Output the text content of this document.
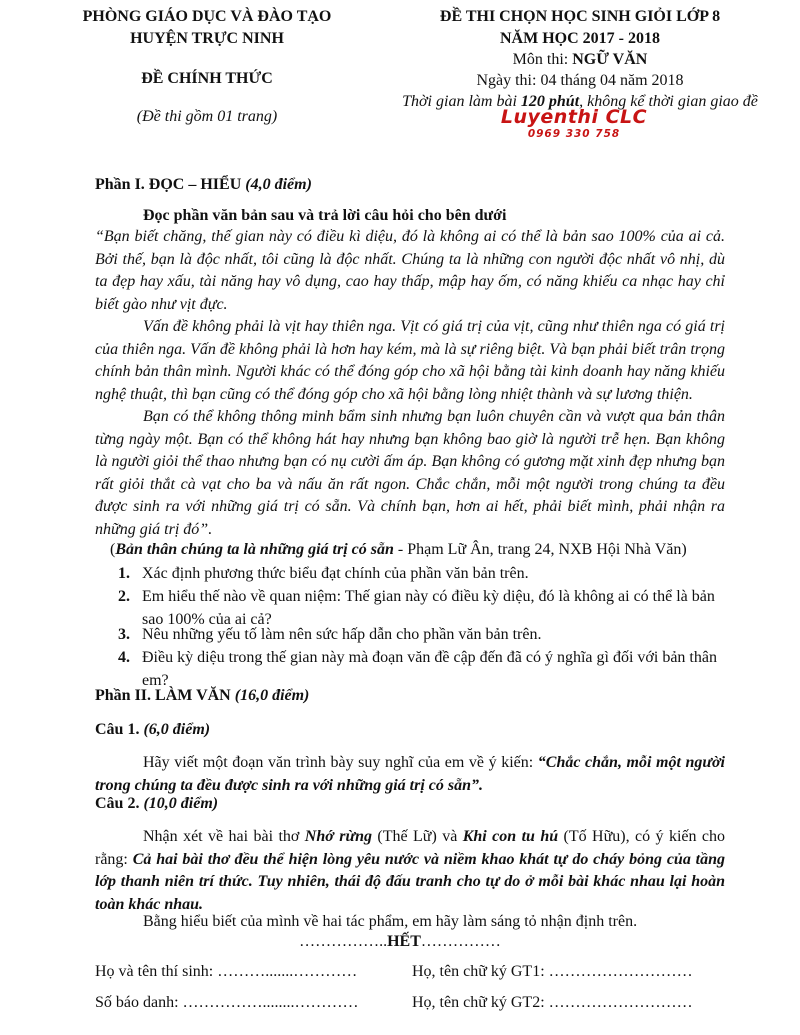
PHÒNG GIÁO DỤC VÀ ĐÀO TẠO
HUYỆN TRỰC NINH
ĐỀ CHÍNH THỨC
(Đề thi gồm 01 trang)
ĐỀ THI CHỌN HỌC SINH GIỎI LỚP 8
NĂM HỌC 2017 - 2018
Môn thi: NGỮ VĂN
Ngày thi: 04 tháng 04 năm 2018
Thời gian làm bài 120 phút, không kể thời gian giao đề
Luyenthi CLC
0969 330 758
Phần I. ĐỌC – HIỂU (4,0 điểm)
Đọc phần văn bản sau và trả lời câu hỏi cho bên dưới
“Bạn biết chăng, thế gian này có điều kì diệu, đó là không ai có thể là bản sao 100% của ai cả. Bởi thế, bạn là độc nhất, tôi cũng là độc nhất. Chúng ta là những con người độc nhất vô nhị, dù ta đẹp hay xấu, tài năng hay vô dụng, cao hay thấp, mập hay ốm, có năng khiếu ca nhạc hay chỉ biết gào như vịt đực.
Vấn đề không phải là vịt hay thiên nga. Vịt có giá trị của vịt, cũng như thiên nga có giá trị của thiên nga. Vấn đề không phải là hơn hay kém, mà là sự riêng biệt. Và bạn phải biết trân trọng chính bản thân mình. Người khác có thể đóng góp cho xã hội bằng tài kinh doanh hay năng khiếu nghệ thuật, thì bạn cũng có thể đóng góp cho xã hội bằng lòng nhiệt thành và sự lương thiện.
Bạn có thể không thông minh bẩm sinh nhưng bạn luôn chuyên cần và vượt qua bản thân từng ngày một. Bạn có thể không hát hay nhưng bạn không bao giờ là người trễ hẹn. Bạn không là người giỏi thể thao nhưng bạn có nụ cười ấm áp. Bạn không có gương mặt xinh đẹp nhưng bạn rất giỏi thắt cà vạt cho ba và nấu ăn rất ngon. Chắc chắn, mỗi một người trong chúng ta đều được sinh ra với những giá trị có sẵn. Và chính bạn, hơn ai hết, phải biết mình, phải nhận ra những giá trị đó”.
(Bản thân chúng ta là những giá trị có sẵn - Phạm Lữ Ân, trang 24, NXB Hội Nhà Văn)
1. Xác định phương thức biểu đạt chính của phần văn bản trên.
2. Em hiểu thế nào về quan niệm: Thế gian này có điều kỳ diệu, đó là không ai có thể là bản sao 100% của ai cả?
3. Nêu những yếu tố làm nên sức hấp dẫn cho phần văn bản trên.
4. Điều kỳ diệu trong thế gian này mà đoạn văn đề cập đến đã có ý nghĩa gì đối với bản thân em?
Phần II. LÀM VĂN (16,0 điểm)
Câu 1. (6,0 điểm)
Hãy viết một đoạn văn trình bày suy nghĩ của em về ý kiến: “Chắc chắn, mỗi một người trong chúng ta đều được sinh ra với những giá trị có sẵn”.
Câu 2. (10,0 điểm)
Nhận xét về hai bài thơ Nhớ rừng (Thế Lữ) và Khi con tu hú (Tố Hữu), có ý kiến cho rằng: Cả hai bài thơ đều thể hiện lòng yêu nước và niềm khao khát tự do cháy bỏng của tầng lớp thanh niên trí thức. Tuy nhiên, thái độ đấu tranh cho tự do ở mỗi bài khác nhau lại hoàn toàn khác nhau.
Bằng hiểu biết của mình về hai tác phẩm, em hãy làm sáng tỏ nhận định trên.
……………..HẾT……………
Họ và tên thí sinh: ……….......…………	Họ, tên chữ ký GT1: ………………………
Số báo danh: ……………........…………	Họ, tên chữ ký GT2: ………………………
